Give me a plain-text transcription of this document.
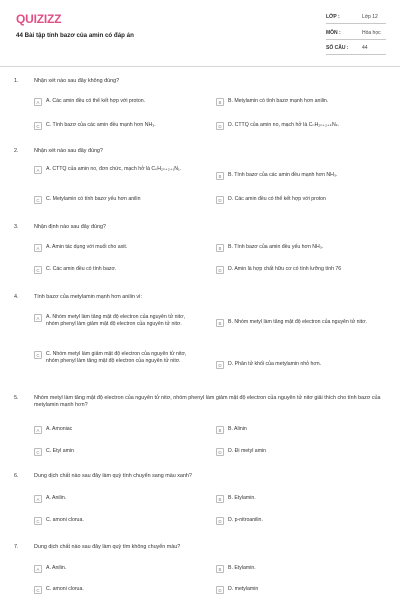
QUIZIZZ
44 Bài tập tính bazơ của amin có đáp án
LỚP :	Lớp 12
MÔN :	Hóa học
SỐ CÂU :	44
1.	Nhận xét nào sau đây không đúng?
A	A. Các amin đều có thể kết hợp với proton.	B	B. Metylamin có tính bazơ mạnh hơn anilin.
C	C. Tính bazơ của các amin đều mạnh hơn NH₃.	D	D. CTTQ của amin no, mạch hở là CₙH₂ₙ₊₂₊ₖNₖ.
2.	Nhận xét nào sau đây đúng?
A	A. CTTQ của amin no, đơn chức, mạch hở là CₙH₂ₙ₊₂₊₁N₁.
B	B. Tính bazơ của các amin đều mạnh hơn NH₃.
C	C. Metylamin có tính bazơ yếu hơn anilin	D	D. Các amin đều có thể kết hợp với proton
3.	Nhận định nào sau đây đúng?
A	A. Amin tác dụng với muối cho axit.	B	B. Tính bazơ của amin đều yếu hơn NH₃.
C	C. Các amin đều có tính bazơ.	D	D. Amin là hợp chất hữu cơ có tính lưỡng tính 76
4.	Tính bazơ của metylamin mạnh hơn anilin vì:
A	A. Nhóm metyl làm tăng mật độ electron của nguyên tử nitơ, nhóm phenyl làm giảm mật độ electron của nguyên tử nitơ.	B	B. Nhóm metyl làm tăng mật độ electron của nguyên tử nitơ.
C	C. Nhóm metyl làm giảm mật độ electron của nguyên tử nitơ, nhóm phenyl làm tăng mật độ electron của nguyên tử nitơ.
D	D. Phân tử khối của metylamin nhỏ hơn.
5.	Nhóm metyl làm tăng mật độ electron của nguyên tử nitơ, nhóm phenyl làm giảm mật độ electron của nguyên tử nitơ giải thích cho tính bazơ của metylamin mạnh hơn?
A	A. Amoniac	B	B. Alinin
C	C. Etyl amin	D	D. Đi metyl amin
6.	Dung dịch chất nào sau đây làm quỳ tính chuyển sang màu xanh?
A	A. Anilin.	B	B. Etylamin.
C	C. amoni clorua.	D	D. p-nitroanilin.
7.	Dung dịch chất nào sau đây làm quỳ tím không chuyển màu?
A	A. Anilin.	B	B. Etylamin.
C	C. amoni clorua.	D	D. metylamin
